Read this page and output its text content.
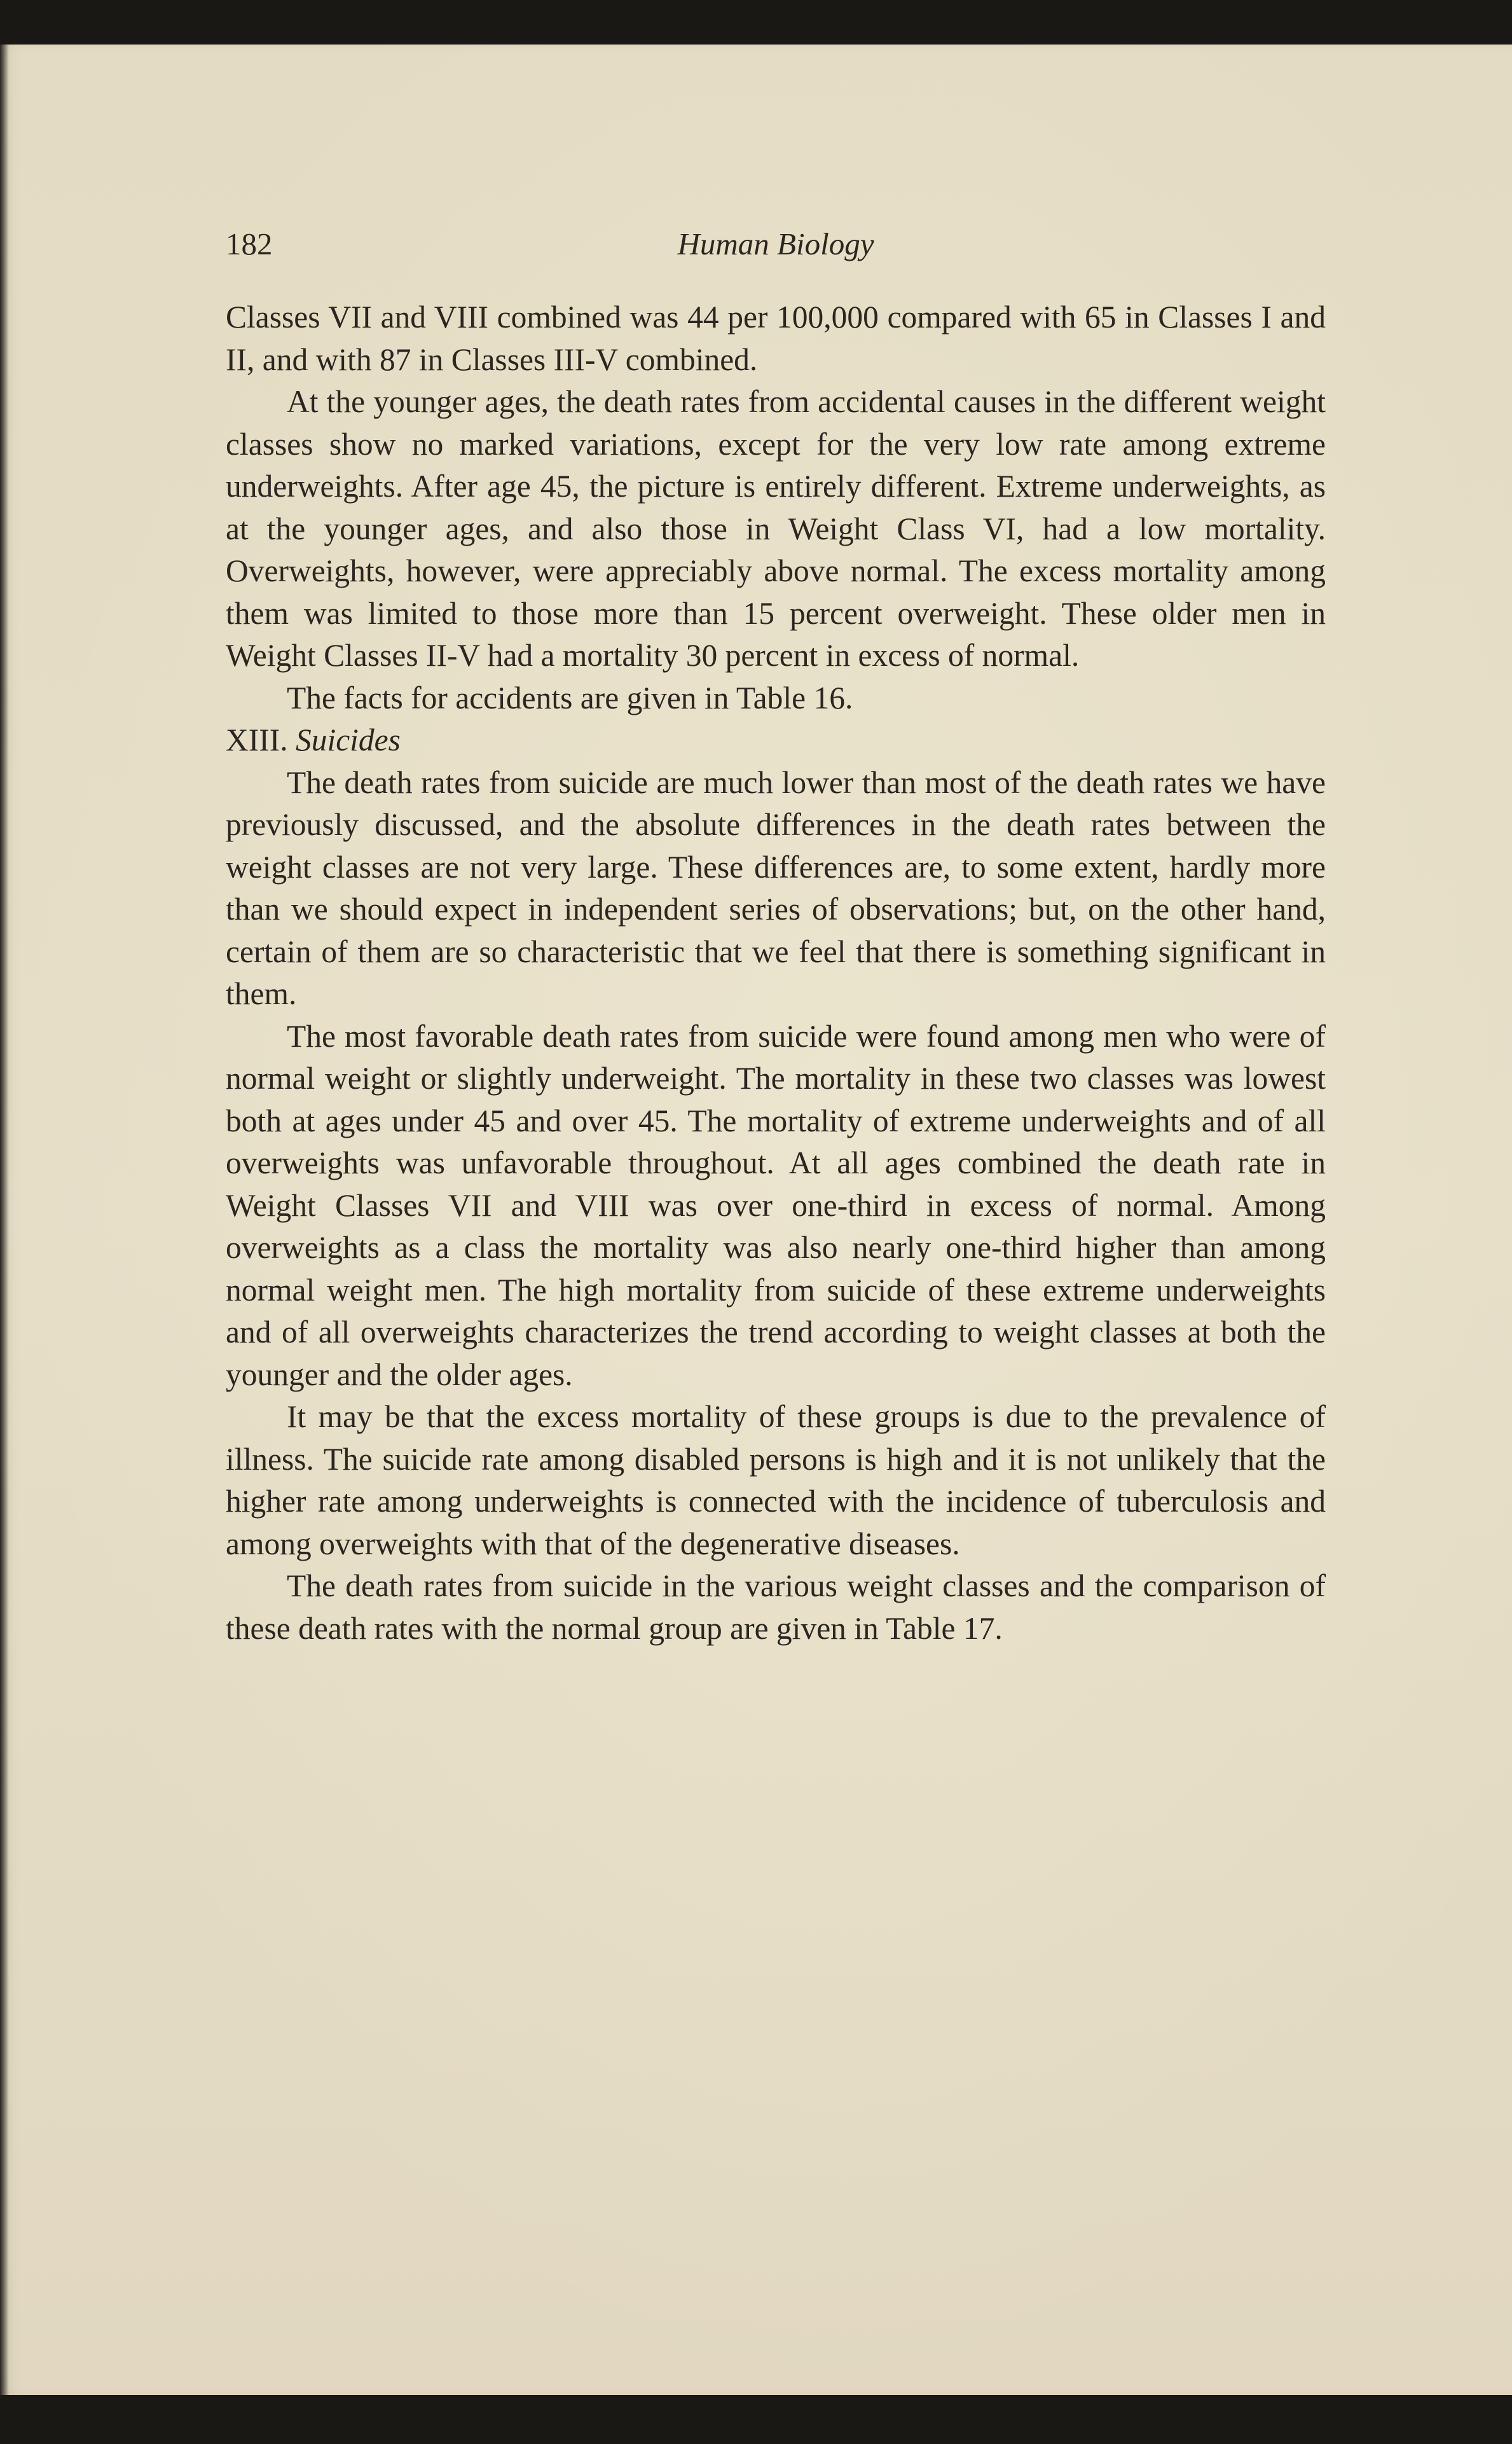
182	Human Biology

Classes VII and VIII combined was 44 per 100,000 compared with 65 in Classes I and II, and with 87 in Classes III-V combined.

At the younger ages, the death rates from accidental causes in the different weight classes show no marked variations, except for the very low rate among extreme underweights. After age 45, the picture is entirely different. Extreme underweights, as at the younger ages, and also those in Weight Class VI, had a low mortality. Overweights, however, were appreciably above normal. The excess mortality among them was limited to those more than 15 percent overweight. These older men in Weight Classes II-V had a mortality 30 percent in excess of normal.

The facts for accidents are given in Table 16.

XIII. Suicides

The death rates from suicide are much lower than most of the death rates we have previously discussed, and the absolute differences in the death rates between the weight classes are not very large. These differences are, to some extent, hardly more than we should expect in independent series of observations; but, on the other hand, certain of them are so characteristic that we feel that there is something significant in them.

The most favorable death rates from suicide were found among men who were of normal weight or slightly underweight. The mortality in these two classes was lowest both at ages under 45 and over 45. The mortality of extreme underweights and of all overweights was unfavorable throughout. At all ages combined the death rate in Weight Classes VII and VIII was over one-third in excess of normal. Among overweights as a class the mortality was also nearly one-third higher than among normal weight men. The high mortality from suicide of these extreme underweights and of all overweights characterizes the trend according to weight classes at both the younger and the older ages.

It may be that the excess mortality of these groups is due to the prevalence of illness. The suicide rate among disabled persons is high and it is not unlikely that the higher rate among underweights is connected with the incidence of tuberculosis and among overweights with that of the degenerative diseases.

The death rates from suicide in the various weight classes and the comparison of these death rates with the normal group are given in Table 17.
